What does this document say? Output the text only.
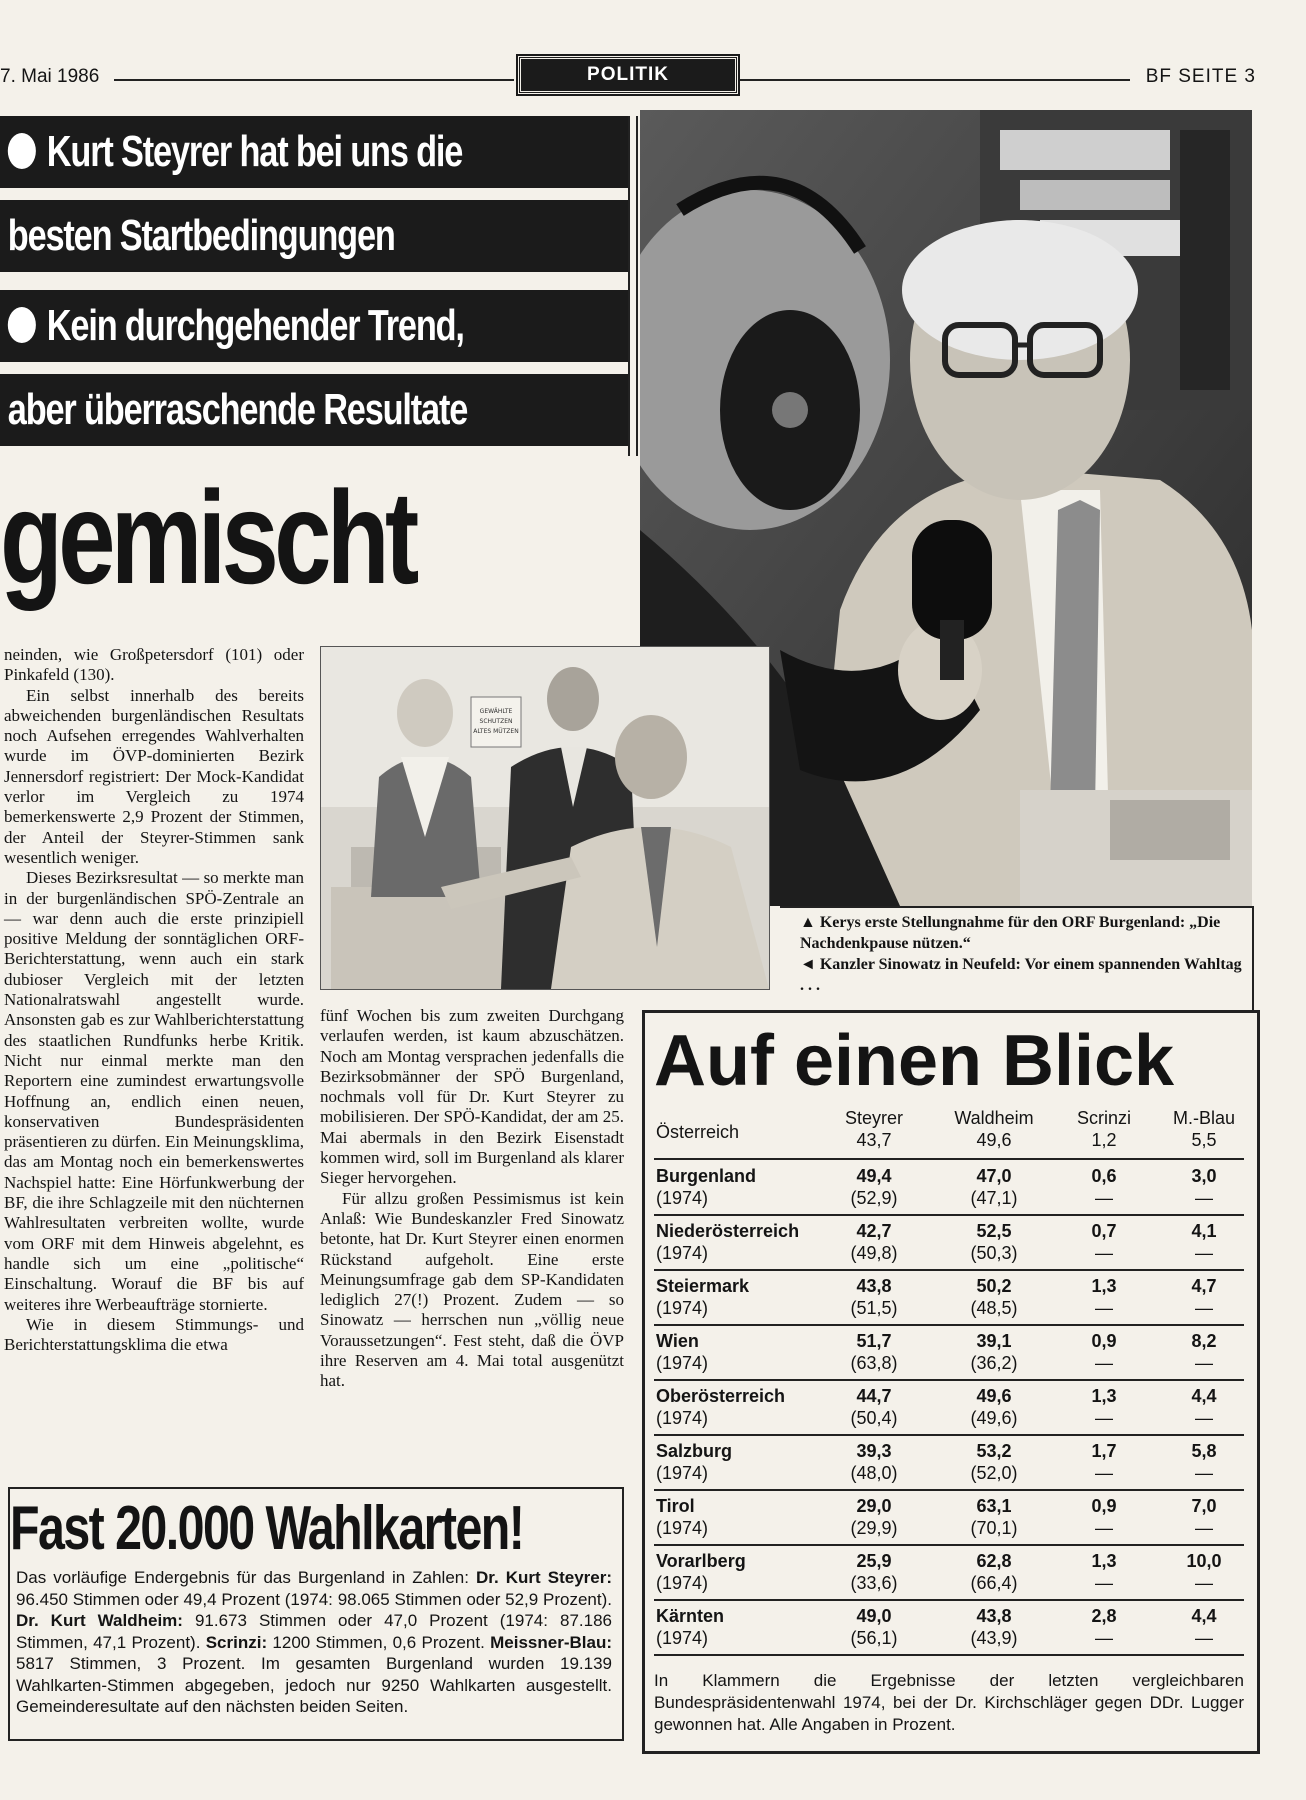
7. Mai 1986	POLITIK	BF SEITE 3
Kurt Steyrer hat bei uns die
besten Startbedingungen
Kein durchgehender Trend,
aber überraschende Resultate
gemischt
GEWÄHLTE
SCHUTZEN
ALTES MÜTZEN
▲ Kerys erste Stellungnahme für den ORF Burgenland: „Die Nachdenkpause nützen.“
◄ Kanzler Sinowatz in Neufeld: Vor einem spannenden Wahltag . . .

neinden, wie Großpetersdorf (101) oder Pinkafeld (130).

Ein selbst innerhalb des bereits abweichenden burgenländischen Resultats noch Aufsehen erregendes Wahlverhalten wurde im ÖVP-dominierten Bezirk Jennersdorf registriert: Der Mock-Kandidat verlor im Vergleich zu 1974 bemerkenswerte 2,9 Prozent der Stimmen, der Anteil der Steyrer-Stimmen sank wesentlich weniger.

Dieses Bezirksresultat — so merkte man in der burgenländischen SPÖ-Zentrale an — war denn auch die erste prinzipiell positive Meldung der sonntäglichen ORF-Berichterstattung, wenn auch ein stark dubioser Vergleich mit der letzten Nationalratswahl angestellt wurde. Ansonsten gab es zur Wahlberichterstattung des staatlichen Rundfunks herbe Kritik. Nicht nur einmal merkte man den Reportern eine zumindest erwartungsvolle Hoffnung an, endlich einen neuen, konservativen Bundespräsidenten präsentieren zu dürfen. Ein Meinungsklima, das am Montag noch ein bemerkenswertes Nachspiel hatte: Eine Hörfunkwerbung der BF, die ihre Schlagzeile mit den nüchternen Wahlresultaten verbreiten wollte, wurde vom ORF mit dem Hinweis abgelehnt, es handle sich um eine „politische“ Einschaltung. Worauf die BF bis auf weiteres ihre Werbeaufträge stornierte.

Wie in diesem Stimmungs- und Berichterstattungsklima die etwa

fünf Wochen bis zum zweiten Durchgang verlaufen werden, ist kaum abzuschätzen. Noch am Montag versprachen jedenfalls die Bezirksobmänner der SPÖ Burgenland, nochmals voll für Dr. Kurt Steyrer zu mobilisieren. Der SPÖ-Kandidat, der am 25. Mai abermals in den Bezirk Eisenstadt kommen wird, soll im Burgenland als klarer Sieger hervorgehen.

Für allzu großen Pessimismus ist kein Anlaß: Wie Bundeskanzler Fred Sinowatz betonte, hat Dr. Kurt Steyrer einen enormen Rückstand aufgeholt. Eine erste Meinungsumfrage gab dem SP-Kandidaten lediglich 27(!) Prozent. Zudem — so Sinowatz — herrschen nun „völlig neue Voraussetzungen“. Fest steht, daß die ÖVP ihre Reserven am 4. Mai total ausgenützt hat.

Fast 20.000 Wahlkarten!
Das vorläufige Endergebnis für das Burgenland in Zahlen: Dr. Kurt Steyrer: 96.450 Stimmen oder 49,4 Prozent (1974: 98.065 Stimmen oder 52,9 Prozent). Dr. Kurt Waldheim: 91.673 Stimmen oder 47,0 Prozent (1974: 87.186 Stimmen, 47,1 Prozent). Scrinzi: 1200 Stimmen, 0,6 Prozent. Meissner-Blau: 5817 Stimmen, 3 Prozent. Im gesamten Burgenland wurden 19.139 Wahlkarten-Stimmen abgegeben, jedoch nur 9250 Wahlkarten ausgestellt. Gemeinderesultate auf den nächsten beiden Seiten.
Auf einen Blick
Österreich
Steyrer
43,7
Waldheim
49,6
Scrinzi
1,2
M.-Blau
5,5
Burgenland
(1974)
49,4
(52,9)
47,0
(47,1)
0,6
—
3,0
—
Niederösterreich
(1974)
42,7
(49,8)
52,5
(50,3)
0,7
—
4,1
—
Steiermark
(1974)
43,8
(51,5)
50,2
(48,5)
1,3
—
4,7
—
Wien
(1974)
51,7
(63,8)
39,1
(36,2)
0,9
—
8,2
—
Oberösterreich
(1974)
44,7
(50,4)
49,6
(49,6)
1,3
—
4,4
—
Salzburg
(1974)
39,3
(48,0)
53,2
(52,0)
1,7
—
5,8
—
Tirol
(1974)
29,0
(29,9)
63,1
(70,1)
0,9
—
7,0
—
Vorarlberg
(1974)
25,9
(33,6)
62,8
(66,4)
1,3
—
10,0
—
Kärnten
(1974)
49,0
(56,1)
43,8
(43,9)
2,8
—
4,4
—
In Klammern die Ergebnisse der letzten vergleichbaren Bundespräsidentenwahl 1974, bei der Dr. Kirchschläger gegen DDr. Lugger gewonnen hat. Alle Angaben in Prozent.
